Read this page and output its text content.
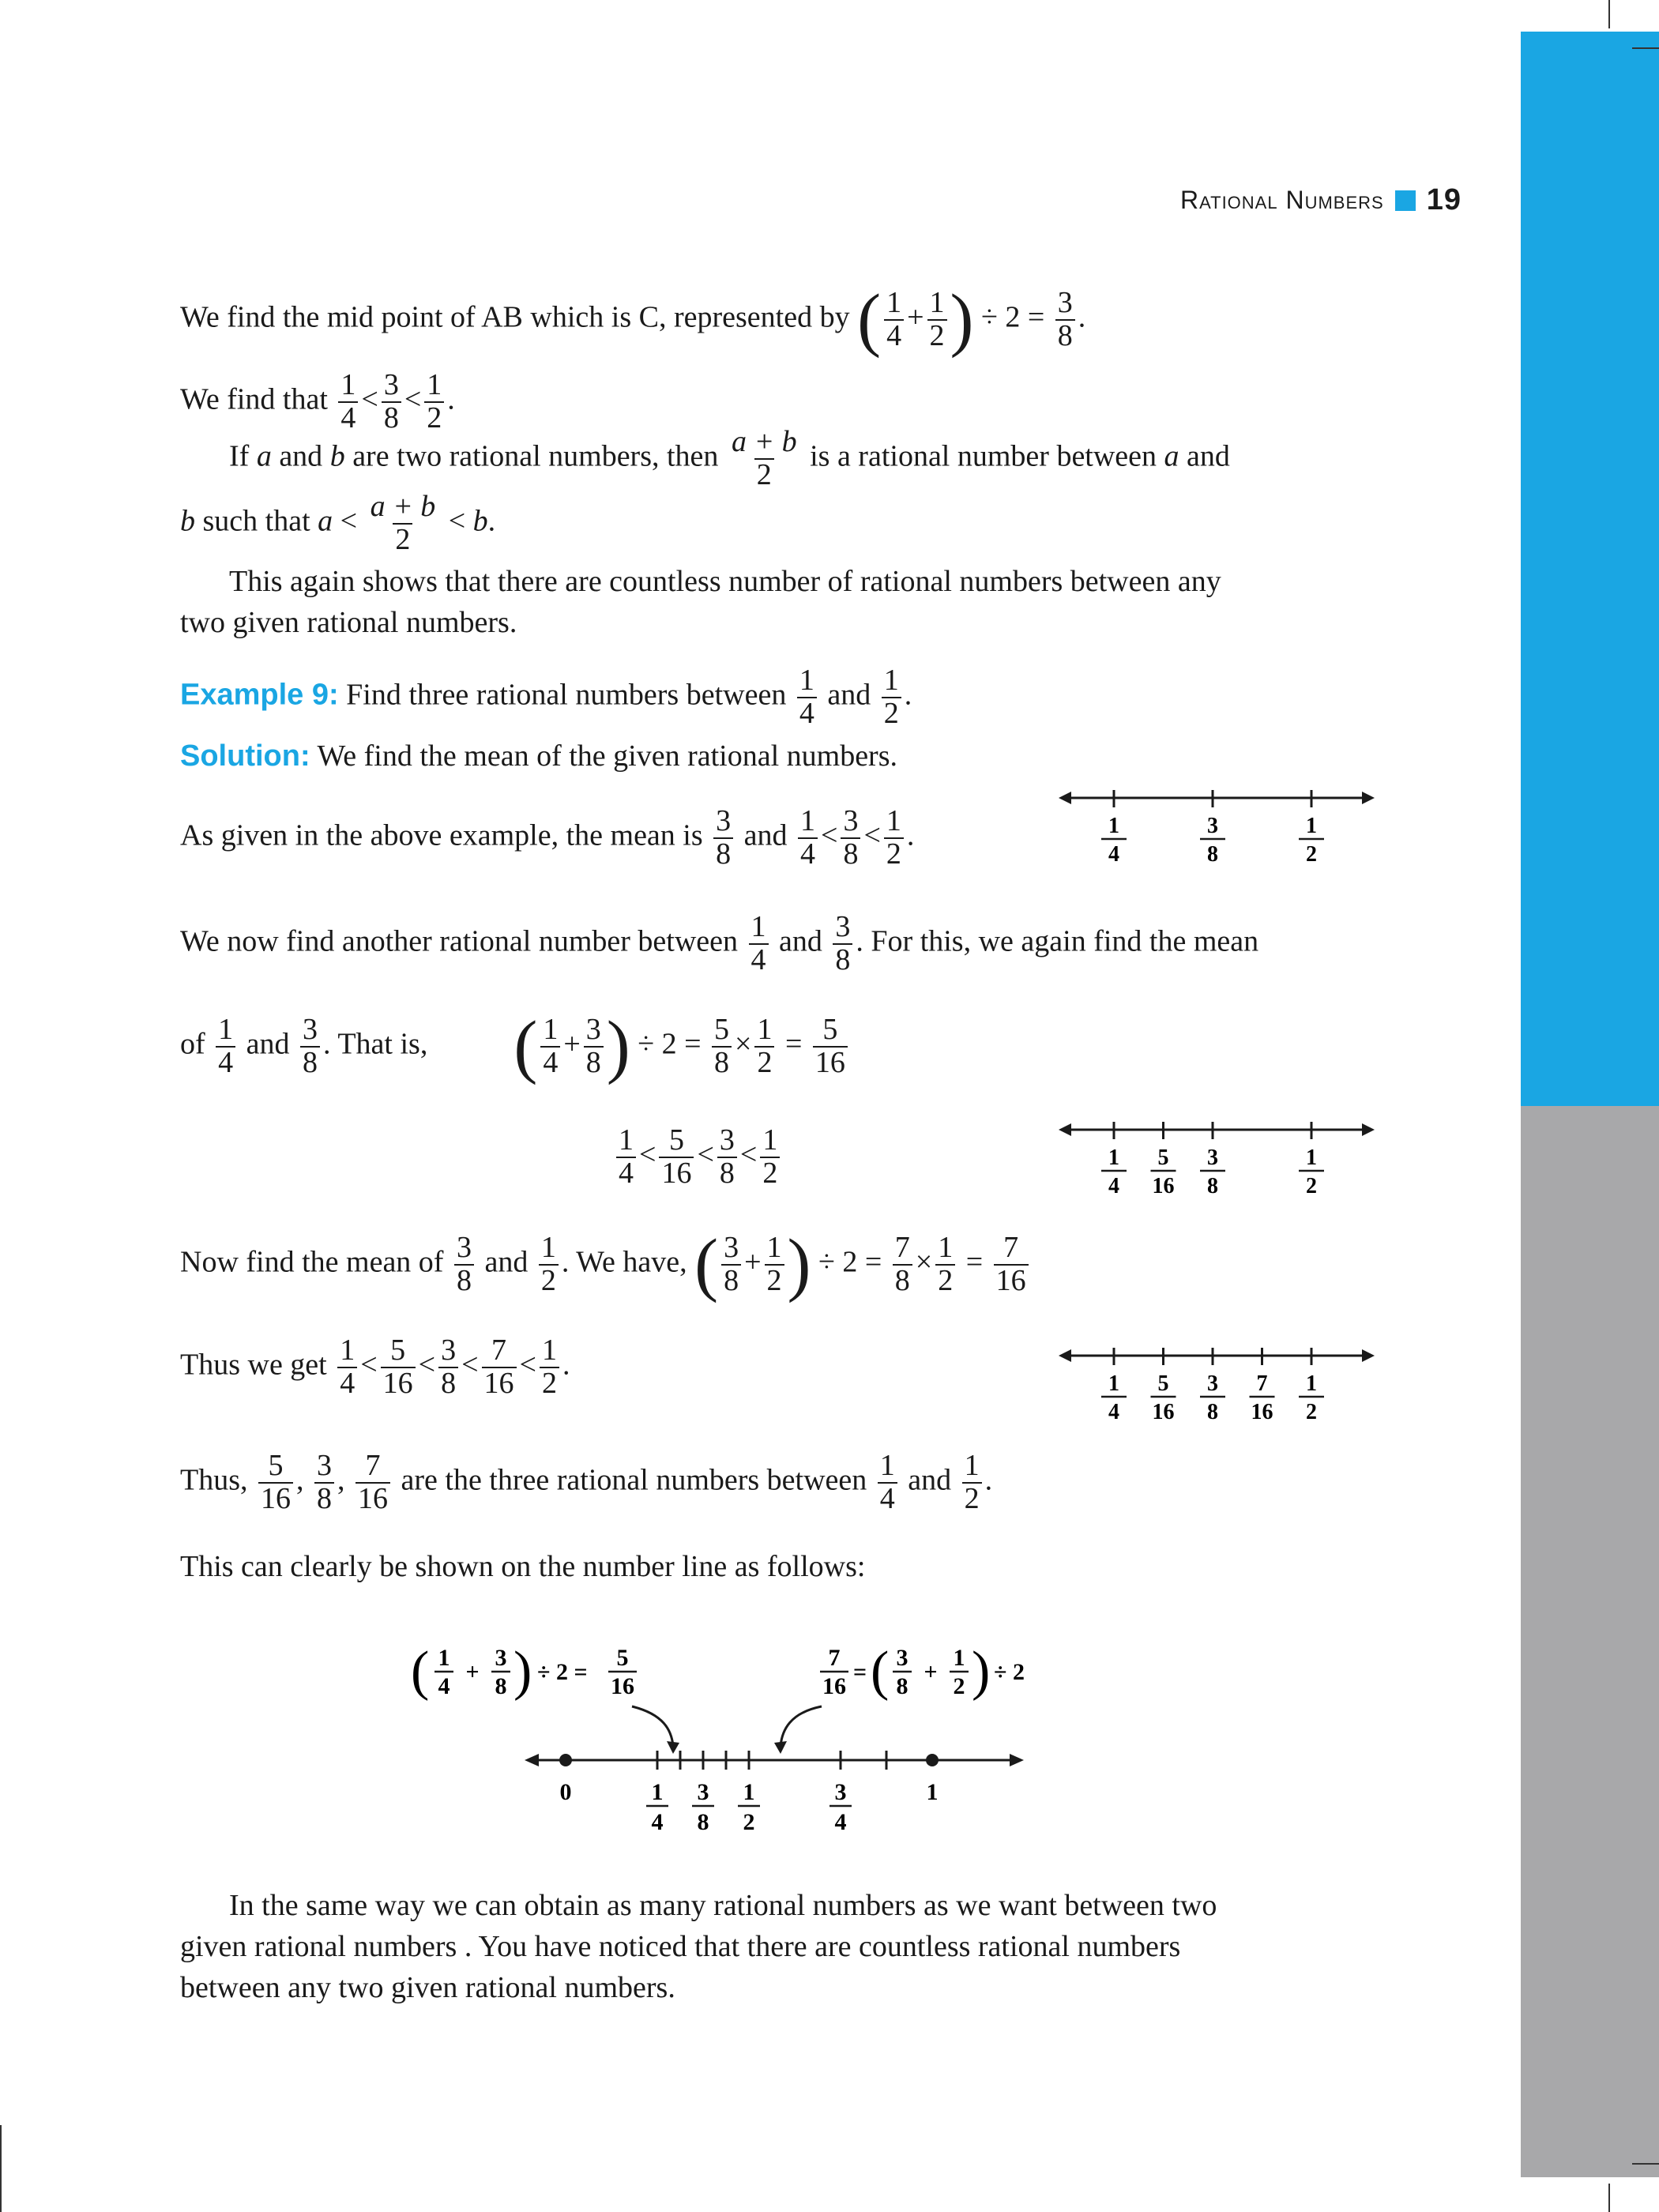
Rational Numbers 19
We find the mid point of AB which is C, represented by ( $\frac{1}{4} + \frac{1}{2}$ ) ÷ $2 = \frac{3}{8}$ .
We find that $\frac{1}{4} < \frac{3}{8} < \frac{1}{2}$ .
If a and b are two rational numbers, then $\frac{a + b}{2}$ is a rational number between a and
b such that $a < \frac{a + b}{2} < b$.
This again shows that there are countless number of rational numbers between any two given rational numbers.
Example 9: Find three rational numbers between $\frac{1}{4}$ and $\frac{1}{2}$ .
Solution: We find the mean of the given rational numbers.
As given in the above example, the mean is $\frac{3}{8}$ and $\frac{1}{4} < \frac{3}{8} < \frac{1}{2}$ .
We now find another rational number between $\frac{1}{4}$ and $\frac{3}{8}$ . For this, we again find the mean
of $\frac{1}{4}$ and $\frac{3}{8}$ . That is, ( $\frac{1}{4} + \frac{3}{8}$ ) ÷ $2 = \frac{5}{8} \times \frac{1}{2} = \frac{5}{16}$
$\frac{1}{4} < \frac{5}{16} < \frac{3}{8} < \frac{1}{2}$
Now find the mean of $\frac{3}{8}$ and $\frac{1}{2}$ . We have, ( $\frac{3}{8} + \frac{1}{2}$ ) ÷ $2 = \frac{7}{8} \times \frac{1}{2} = \frac{7}{16}$
Thus we get $\frac{1}{4} < \frac{5}{16} < \frac{3}{8} < \frac{7}{16} < \frac{1}{2}$ .
Thus, $\frac{5}{16}$ , $\frac{3}{8}$ , $\frac{7}{16}$ are the three rational numbers between $\frac{1}{4}$ and $\frac{1}{2}$ .
This can clearly be shown on the number line as follows:
1
4
3
8
1
2
1
4
5
16
3
8
1
2
1
4
5
16
3
8
7
16
1
2
( 1
4
+
3
8 ) ÷ 2 =
5
16
7
16
= ( 3
8
+
1
2 ) ÷ 2
1
4
3
8
1
2
3
4
0	1
In the same way we can obtain as many rational numbers as we want between two given rational numbers . You have noticed that there are countless rational numbers between any two given rational numbers.
